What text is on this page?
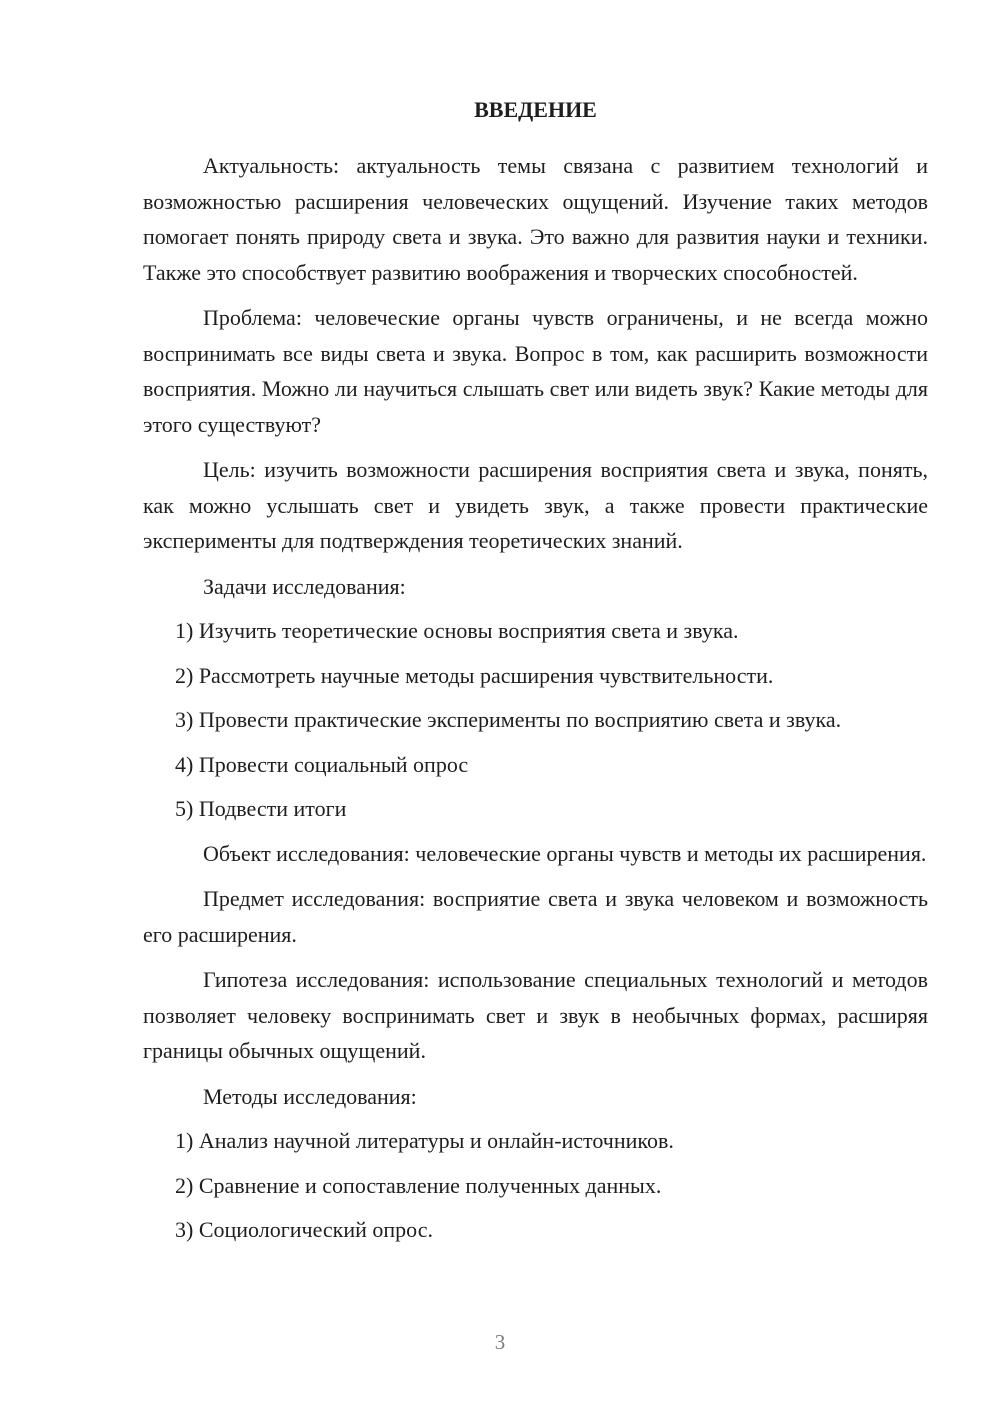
ВВЕДЕНИЕ

Актуальность: актуальность темы связана с развитием технологий и возможностью расширения человеческих ощущений. Изучение таких методов помогает понять природу света и звука. Это важно для развития науки и техники. Также это способствует развитию воображения и творческих способностей.

Проблема: человеческие органы чувств ограничены, и не всегда можно воспринимать все виды света и звука. Вопрос в том, как расширить возможности восприятия. Можно ли научиться слышать свет или видеть звук? Какие методы для этого существуют?

Цель: изучить возможности расширения восприятия света и звука, понять, как можно услышать свет и увидеть звук, а также провести практические эксперименты для подтверждения теоретических знаний.

Задачи исследования:

1) Изучить теоретические основы восприятия света и звука.

2) Рассмотреть научные методы расширения чувствительности.

3) Провести практические эксперименты по восприятию света и звука.

4) Провести социальный опрос

5) Подвести итоги

Объект исследования: человеческие органы чувств и методы их расширения.

Предмет исследования: восприятие света и звука человеком и возможность его расширения.

Гипотеза исследования: использование специальных технологий и методов позволяет человеку воспринимать свет и звук в необычных формах, расширяя границы обычных ощущений.

Методы исследования:

1) Анализ научной литературы и онлайн-источников.

2) Сравнение и сопоставление полученных данных.

3) Социологический опрос.

3
